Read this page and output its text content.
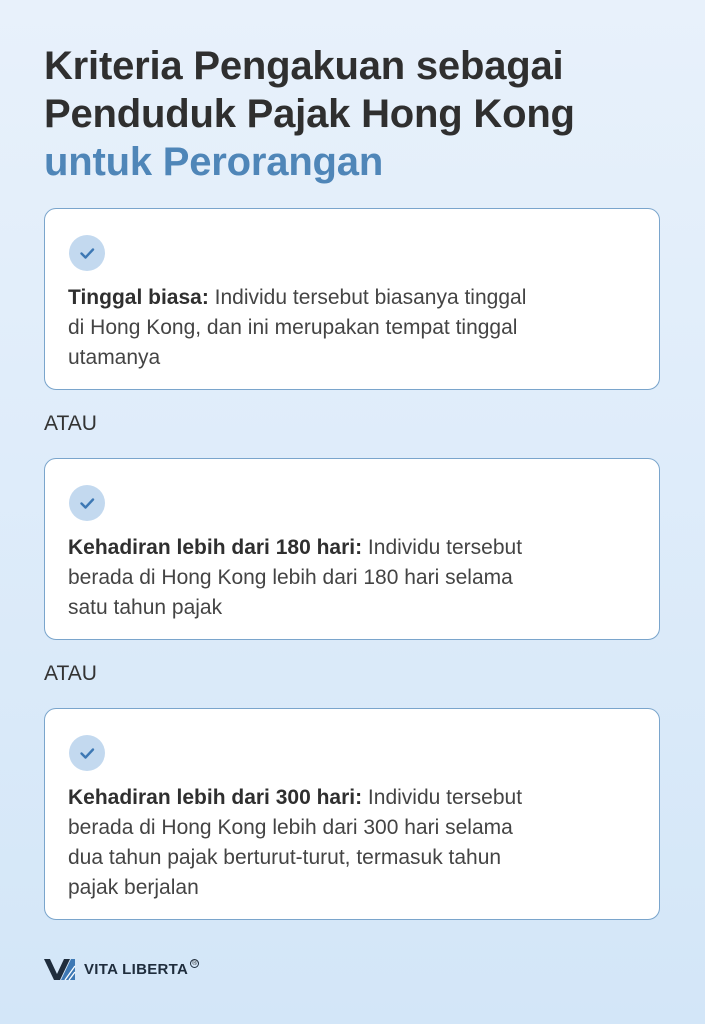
Kriteria Pengakuan sebagai
Penduduk Pajak Hong Kong
untuk Perorangan
Tinggal biasa: Individu tersebut biasanya tinggal
di Hong Kong, dan ini merupakan tempat tinggal
utamanya
ATAU
Kehadiran lebih dari 180 hari: Individu tersebut
berada di Hong Kong lebih dari 180 hari selama
satu tahun pajak
ATAU
Kehadiran lebih dari 300 hari: Individu tersebut
berada di Hong Kong lebih dari 300 hari selama
dua tahun pajak berturut-turut, termasuk tahun
pajak berjalan
VITA LIBERTA ®
